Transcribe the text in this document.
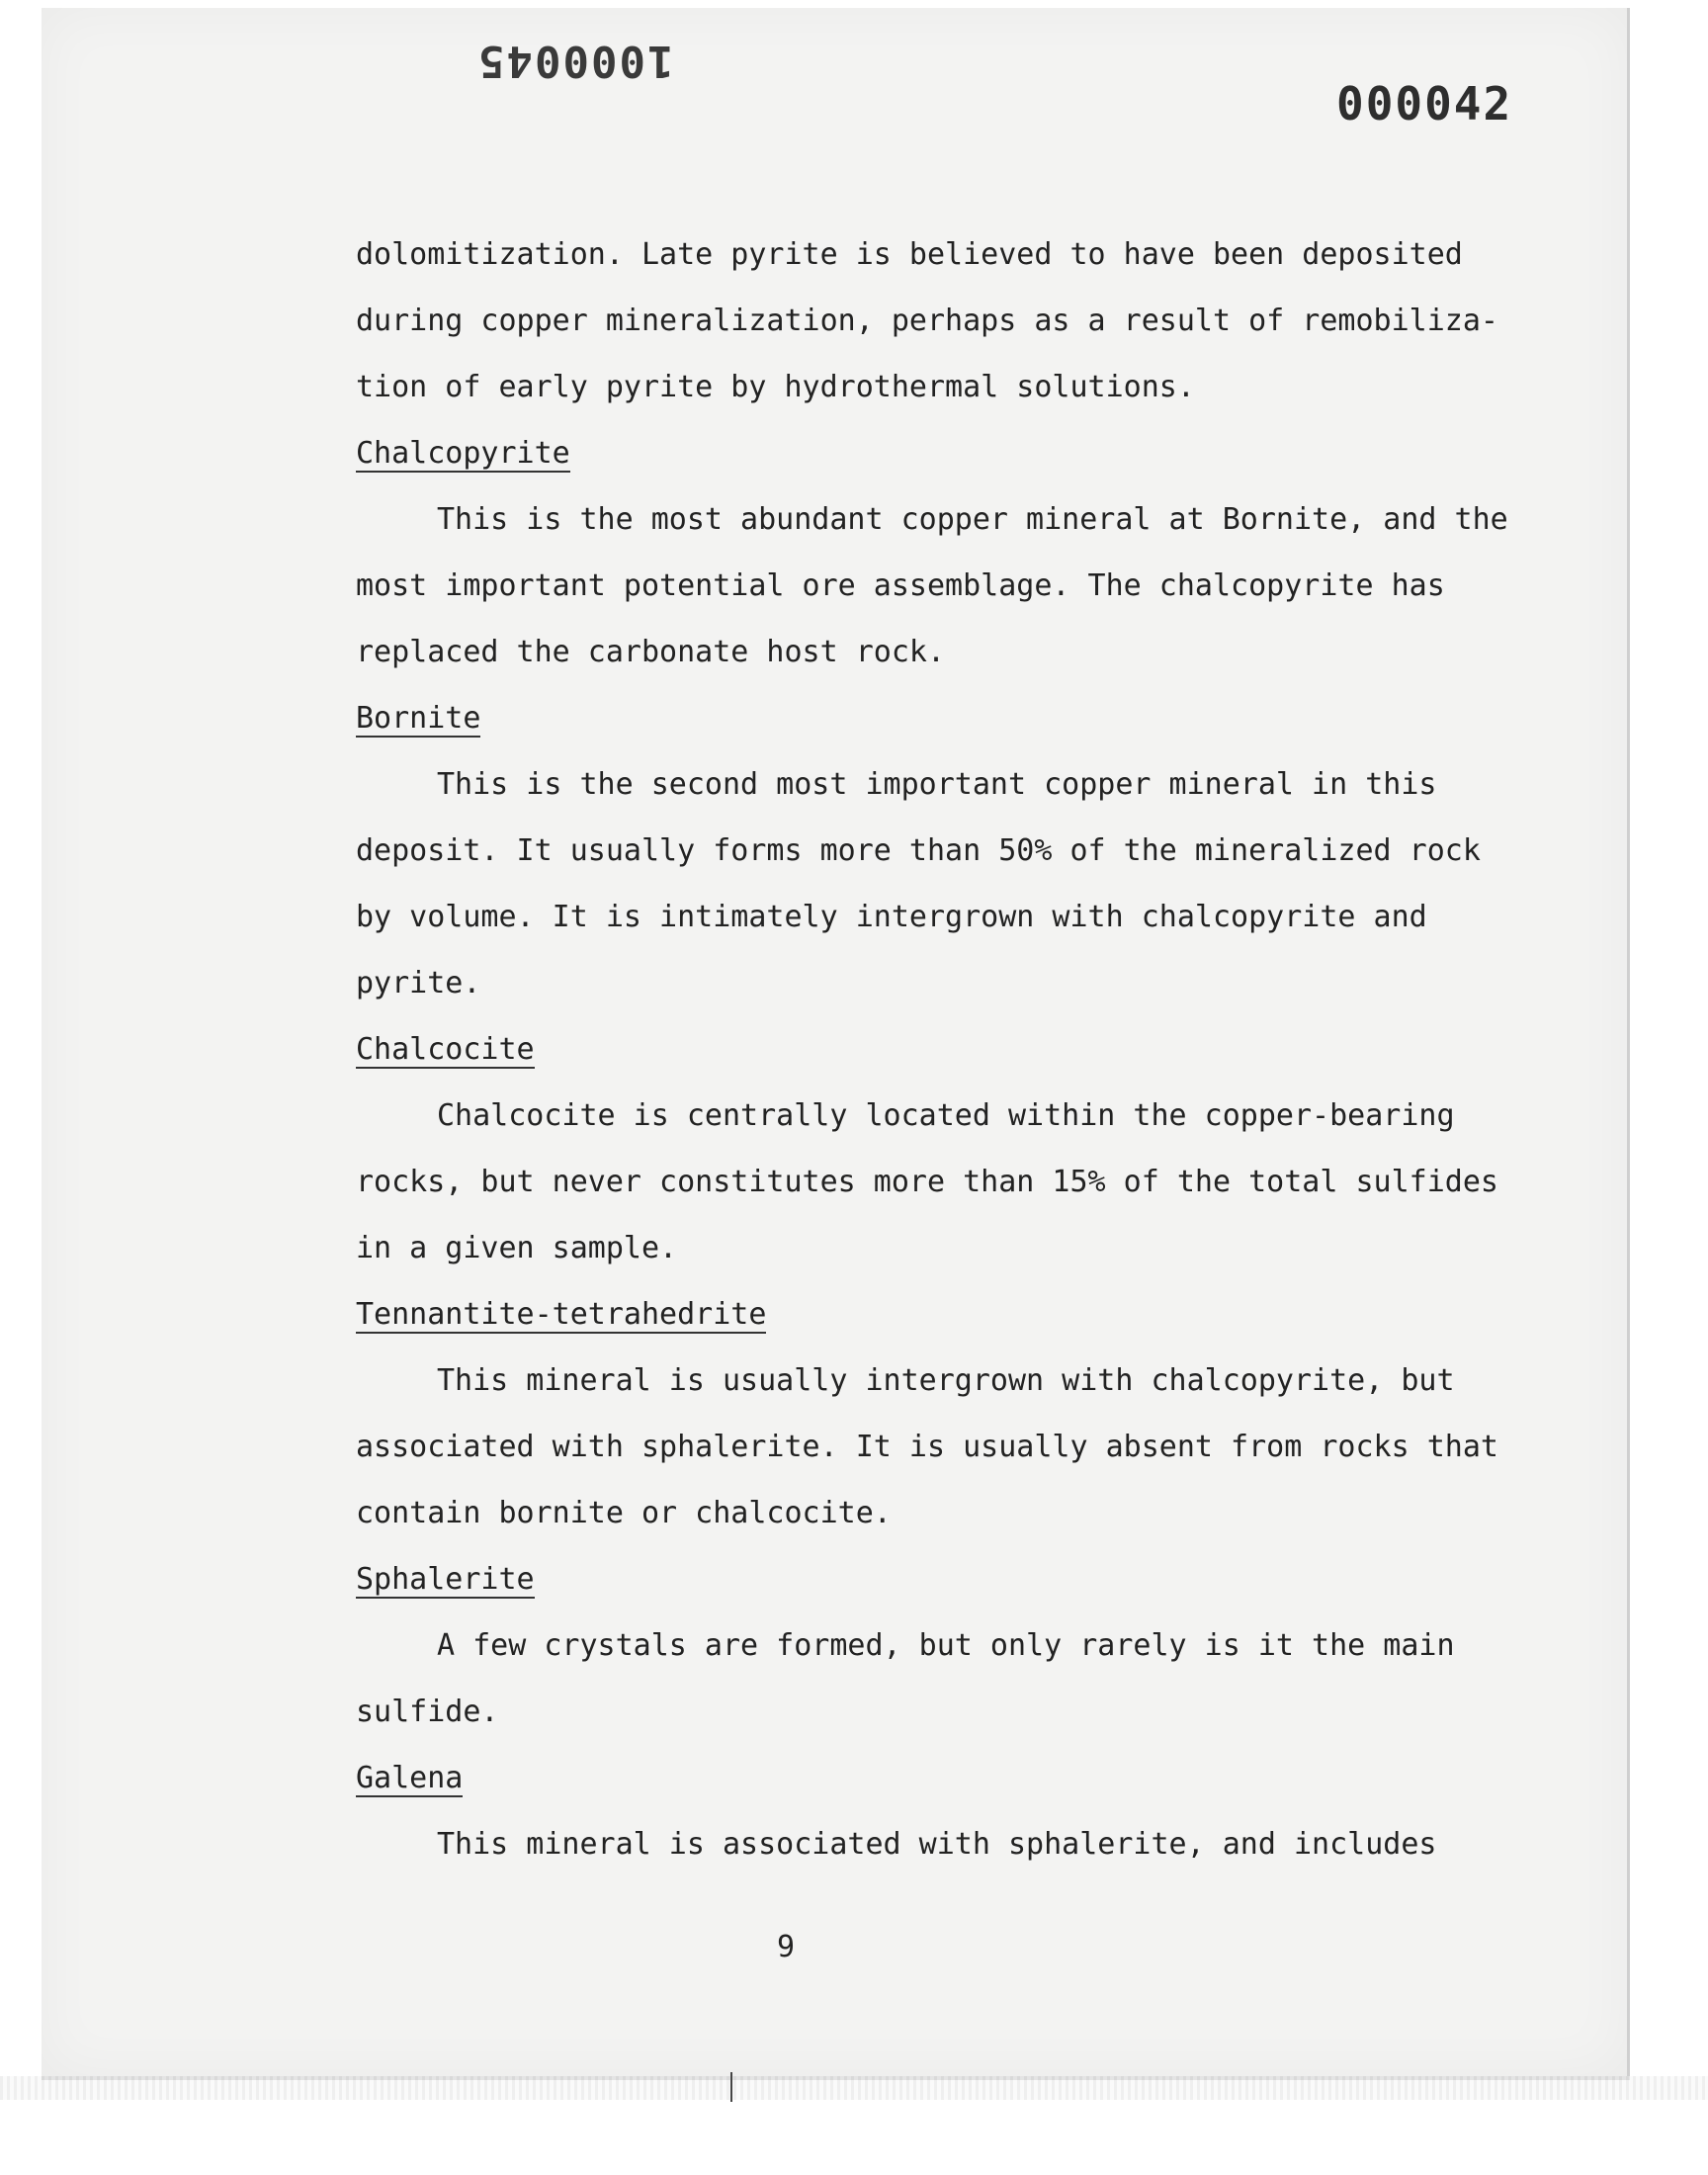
1000045
000042
dolomitization. Late pyrite is believed to have been deposited
during copper mineralization, perhaps as a result of remobiliza-
tion of early pyrite by hydrothermal solutions.
Chalcopyrite
This is the most abundant copper mineral at Bornite, and the
most important potential ore assemblage. The chalcopyrite has
replaced the carbonate host rock.
Bornite
This is the second most important copper mineral in this
deposit. It usually forms more than 50% of the mineralized rock
by volume. It is intimately intergrown with chalcopyrite and
pyrite.
Chalcocite
Chalcocite is centrally located within the copper-bearing
rocks, but never constitutes more than 15% of the total sulfides
in a given sample.
Tennantite-tetrahedrite
This mineral is usually intergrown with chalcopyrite, but
associated with sphalerite. It is usually absent from rocks that
contain bornite or chalcocite.
Sphalerite
A few crystals are formed, but only rarely is it the main
sulfide.
Galena
This mineral is associated with sphalerite, and includes
9
